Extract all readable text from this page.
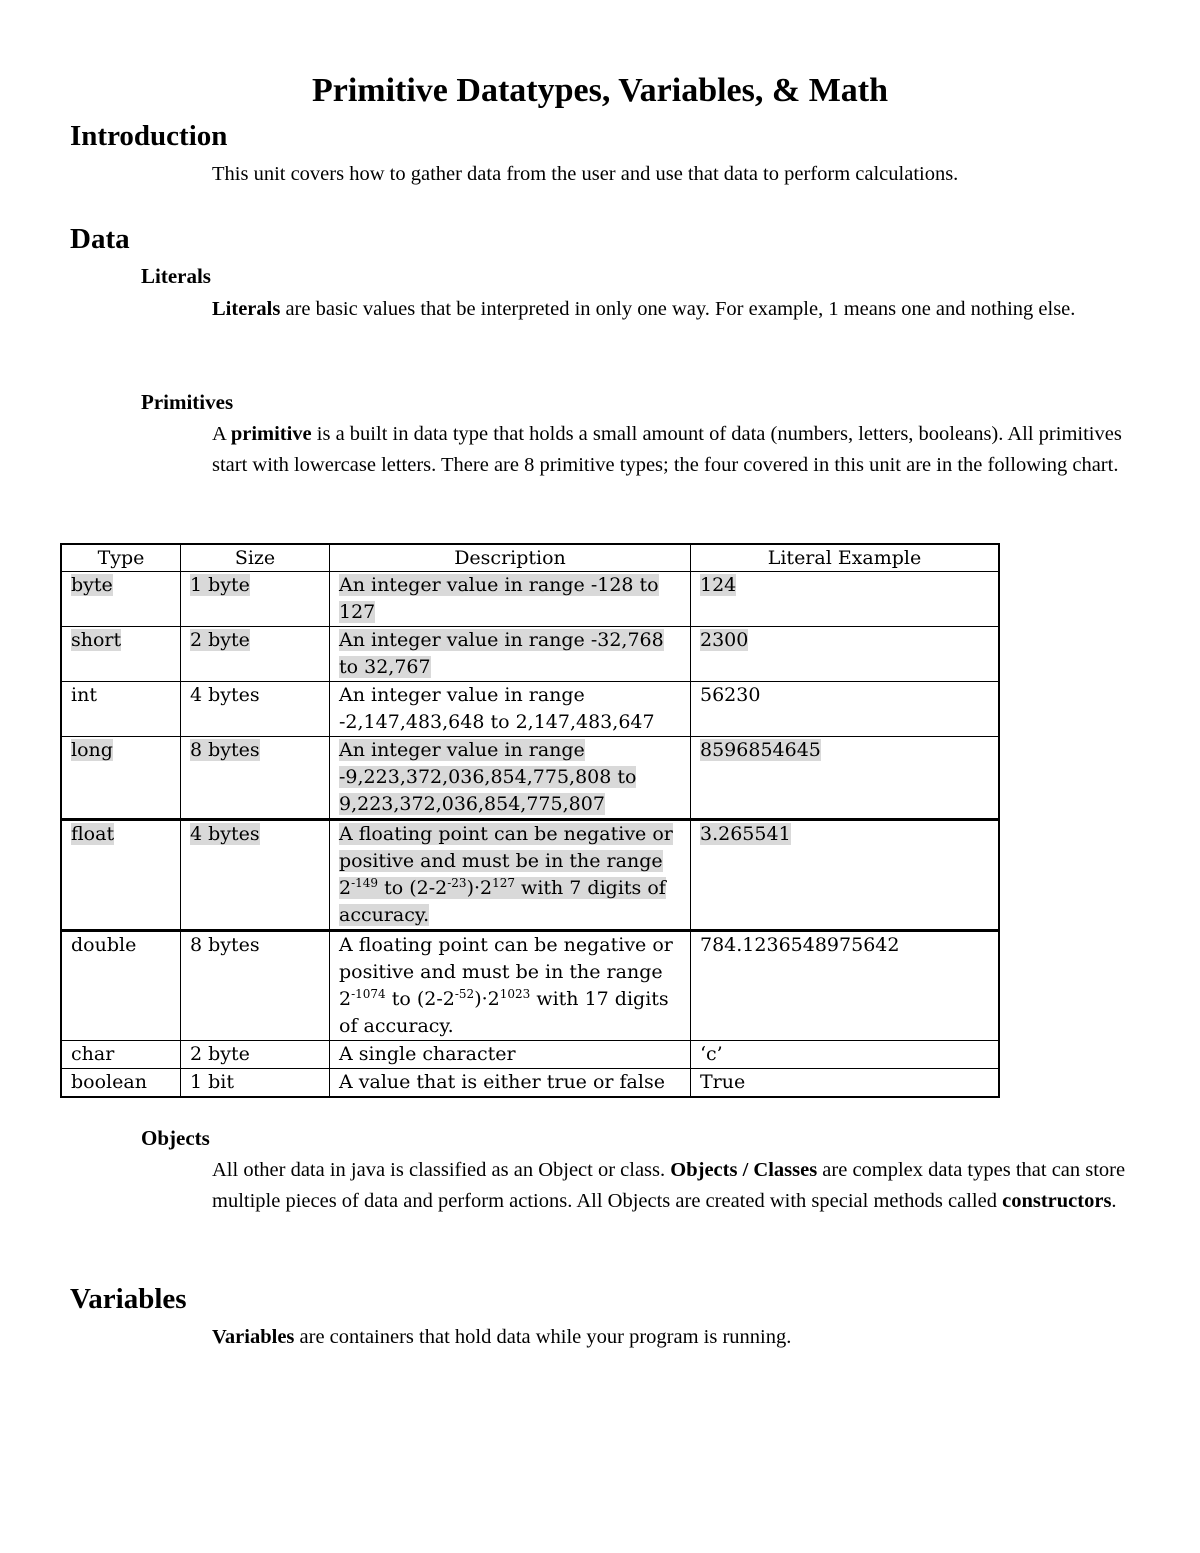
Primitive Datatypes, Variables, & Math
Introduction

This unit covers how to gather data from the user and use that data to perform calculations.

Data
Literals

Literals are basic values that be interpreted in only one way. For example, 1 means one and nothing else.

Primitives

A primitive is a built in data type that holds a small amount of data (numbers, letters, booleans). All primitives start with lowercase letters. There are 8 primitive types; the four covered in this unit are in the following chart.

Type	Size	Description	Literal Example
byte	1 byte	An integer value in range -128 to 127	124
short	2 byte	An integer value in range -32,768 to 32,767	2300
int	4 bytes	An integer value in range -2,147,483,648 to 2,147,483,647	56230
long	8 bytes	An integer value in range -9,223,372,036,854,775,808 to 9,223,372,036,854,775,807	8596854645
float	4 bytes	A floating point can be negative or positive and must be in the range $2^{-149}$ to $(2-2^{-23})\cdot 2^{127}$ with 7 digits of accuracy.	3.265541
double	8 bytes	A floating point can be negative or positive and must be in the range $2^{-1074}$ to $(2-2^{-52})\cdot 2^{1023}$ with 17 digits of accuracy.	784.1236548975642
char	2 byte	A single character	‘c’
boolean	1 bit	A value that is either true or false	True
Objects

All other data in java is classified as an Object or class. Objects / Classes are complex data types that can store multiple pieces of data and perform actions. All Objects are created with special methods called constructors.

Variables

Variables are containers that hold data while your program is running.
